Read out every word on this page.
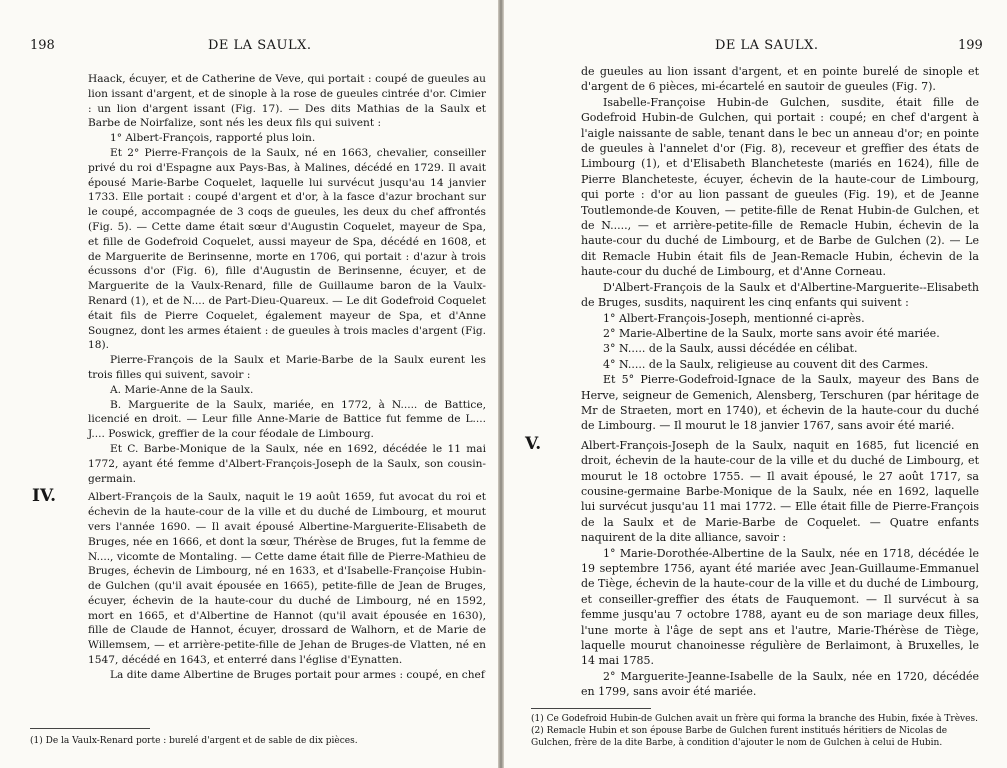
198	DE LA SAULX.

Haack, écuyer, et de Catherine de Veve, qui portait : coupé de gueules au lion issant d'argent, et de sinople à la rose de gueules cintrée d'or. Cimier : un lion d'argent issant (Fig. 17). — Des dits Mathias de la Saulx et Barbe de Noirfalize, sont nés les deux fils qui suivent :

1° Albert-François, rapporté plus loin.

Et 2° Pierre-François de la Saulx, né en 1663, chevalier, conseiller privé du roi d'Espagne aux Pays-Bas, à Malines, décédé en 1729. Il avait épousé Marie-Barbe Coquelet, laquelle lui survécut jusqu'au 14 janvier 1733. Elle portait : coupé d'argent et d'or, à la fasce d'azur brochant sur le coupé, accompagnée de 3 coqs de gueules, les deux du chef affrontés (Fig. 5). — Cette dame était sœur d'Augustin Coquelet, mayeur de Spa, et fille de Godefroid Coquelet, aussi mayeur de Spa, décédé en 1608, et de Marguerite de Berinsenne, morte en 1706, qui portait : d'azur à trois écussons d'or (Fig. 6), fille d'Augustin de Berinsenne, écuyer, et de Marguerite de la Vaulx-Renard, fille de Guillaume baron de la Vaulx-Renard (1), et de N.... de Part-Dieu-Quareux. — Le dit Godefroid Coquelet était fils de Pierre Coquelet, également mayeur de Spa, et d'Anne Sougnez, dont les armes étaient : de gueules à trois macles d'argent (Fig. 18).

Pierre-François de la Saulx et Marie-Barbe de la Saulx eurent les trois filles qui suivent, savoir :

A. Marie-Anne de la Saulx.

B. Marguerite de la Saulx, mariée, en 1772, à N..... de Battice, licencié en droit. — Leur fille Anne-Marie de Battice fut femme de L.... J.... Poswick, greffier de la cour féodale de Limbourg.

Et C. Barbe-Monique de la Saulx, née en 1692, décédée le 11 mai 1772, ayant été femme d'Albert-François-Joseph de la Saulx, son cousin-germain.

IV.	Albert-François de la Saulx, naquit le 19 août 1659, fut avocat du roi et échevin de la haute-cour de la ville et du duché de Limbourg, et mourut vers l'année 1690. — Il avait épousé Albertine-Marguerite-Elisabeth de Bruges, née en 1666, et dont la sœur, Thérèse de Bruges, fut la femme de N...., vicomte de Montaling. — Cette dame était fille de Pierre-Mathieu de Bruges, échevin de Limbourg, né en 1633, et d'Isabelle-Françoise Hubin-de Gulchen (qu'il avait épousée en 1665), petite-fille de Jean de Bruges, écuyer, échevin de la haute-cour du duché de Limbourg, né en 1592, mort en 1665, et d'Albertine de Hannot (qu'il avait épousée en 1630), fille de Claude de Hannot, écuyer, drossard de Walhorn, et de Marie de Willemsem, — et arrière-petite-fille de Jehan de Bruges-de Vlatten, né en 1547, décédé en 1643, et enterré dans l'église d'Eynatten.

La dite dame Albertine de Bruges portait pour armes : coupé, en chef

(1) De la Vaulx-Renard porte : burelé d'argent et de sable de dix pièces.

DE LA SAULX.	199

de gueules au lion issant d'argent, et en pointe burelé de sinople et d'argent de 6 pièces, mi-écartelé en sautoir de gueules (Fig. 7).

Isabelle-Françoise Hubin-de Gulchen, susdite, était fille de Godefroid Hubin-de Gulchen, qui portait : coupé; en chef d'argent à l'aigle naissante de sable, tenant dans le bec un anneau d'or; en pointe de gueules à l'annelet d'or (Fig. 8), receveur et greffier des états de Limbourg (1), et d'Elisabeth Blancheteste (mariés en 1624), fille de Pierre Blancheteste, écuyer, échevin de la haute-cour de Limbourg, qui porte : d'or au lion passant de gueules (Fig. 19), et de Jeanne Toutlemonde-de Kouven, — petite-fille de Renat Hubin-de Gulchen, et de N....., — et arrière-petite-fille de Remacle Hubin, échevin de la haute-cour du duché de Limbourg, et de Barbe de Gulchen (2). — Le dit Remacle Hubin était fils de Jean-Remacle Hubin, échevin de la haute-cour du duché de Limbourg, et d'Anne Corneau.

D'Albert-François de la Saulx et d'Albertine-Marguerite--Elisabeth de Bruges, susdits, naquirent les cinq enfants qui suivent :

1° Albert-François-Joseph, mentionné ci-après.

2° Marie-Albertine de la Saulx, morte sans avoir été mariée.

3° N..... de la Saulx, aussi décédée en célibat.

4° N..... de la Saulx, religieuse au couvent dit des Carmes.

Et 5° Pierre-Godefroid-Ignace de la Saulx, mayeur des Bans de Herve, seigneur de Gemenich, Alensberg, Terschuren (par héritage de Mr de Straeten, mort en 1740), et échevin de la haute-cour du duché de Limbourg. — Il mourut le 18 janvier 1767, sans avoir été marié.

V.	Albert-François-Joseph de la Saulx, naquit en 1685, fut licencié en droit, échevin de la haute-cour de la ville et du duché de Limbourg, et mourut le 18 octobre 1755. — Il avait épousé, le 27 août 1717, sa cousine-germaine Barbe-Monique de la Saulx, née en 1692, laquelle lui survécut jusqu'au 11 mai 1772. — Elle était fille de Pierre-François de la Saulx et de Marie-Barbe de Coquelet. — Quatre enfants naquirent de la dite alliance, savoir :

1° Marie-Dorothée-Albertine de la Saulx, née en 1718, décédée le 19 septembre 1756, ayant été mariée avec Jean-Guillaume-Emmanuel de Tiège, échevin de la haute-cour de la ville et du duché de Limbourg, et conseiller-greffier des états de Fauquemont. — Il survécut à sa femme jusqu'au 7 octobre 1788, ayant eu de son mariage deux filles, l'une morte à l'âge de sept ans et l'autre, Marie-Thérèse de Tiège, laquelle mourut chanoinesse régulière de Berlaimont, à Bruxelles, le 14 mai 1785.

2° Marguerite-Jeanne-Isabelle de la Saulx, née en 1720, décédée en 1799, sans avoir été mariée.

(1) Ce Godefroid Hubin-de Gulchen avait un frère qui forma la branche des Hubin, fixée à Trèves.

(2) Remacle Hubin et son épouse Barbe de Gulchen furent institués héritiers de Nicolas de Gulchen, frère de la dite Barbe, à condition d'ajouter le nom de Gulchen à celui de Hubin.
